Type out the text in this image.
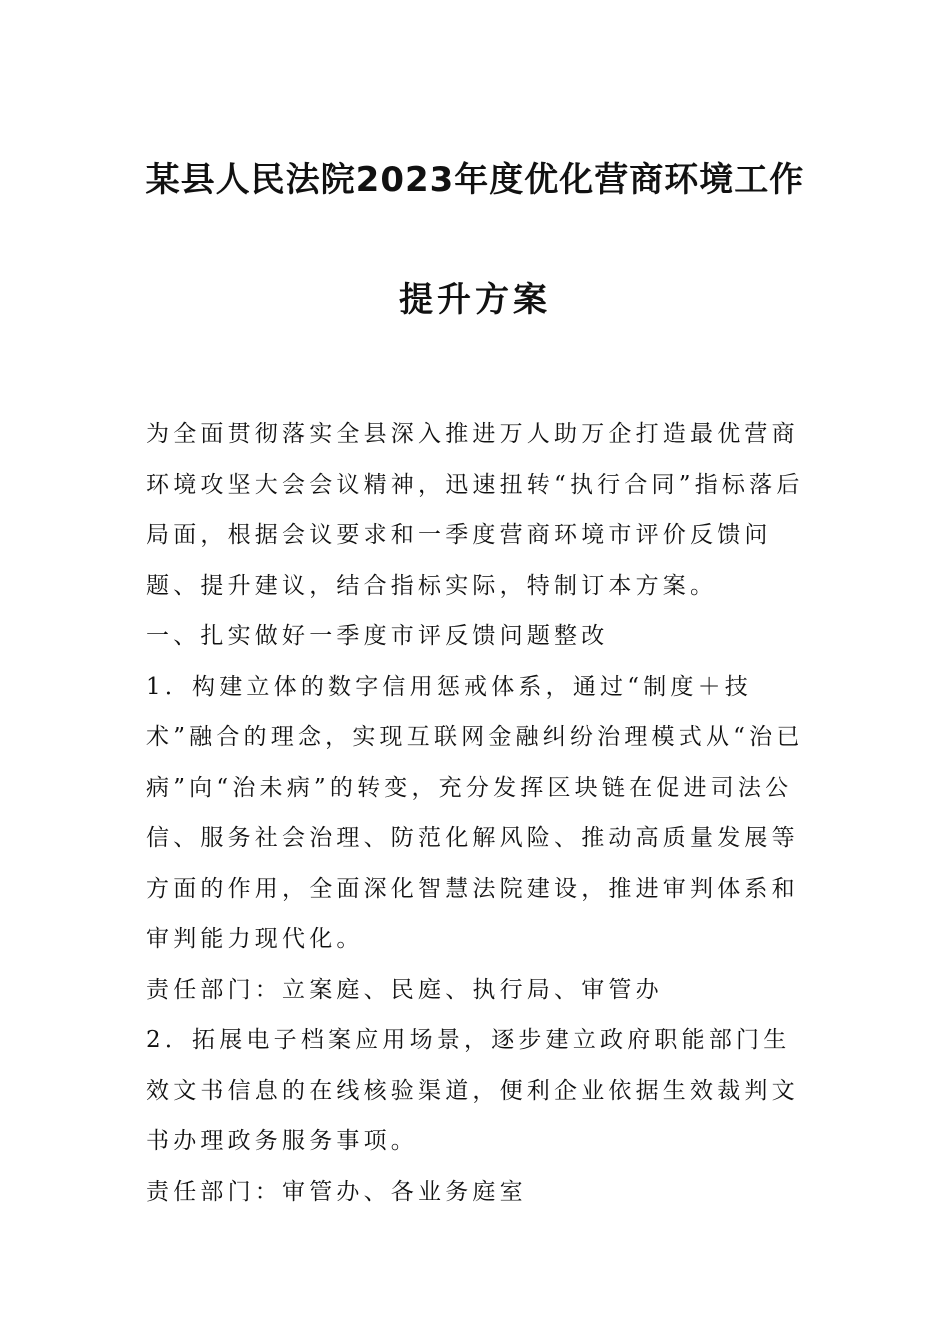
某县人民法院2023年度优化营商环境工作
提升方案

为全面贯彻落实全县深入推进万人助万企打造最优营商环境攻坚大会会议精神，迅速扭转“执行合同”指标落后局面，根据会议要求和一季度营商环境市评价反馈问题、提升建议，结合指标实际，特制订本方案。

一、扎实做好一季度市评反馈问题整改

1．构建立体的数字信用惩戒体系，通过“制度＋技术”融合的理念，实现互联网金融纠纷治理模式从“治已病”向“治未病”的转变，充分发挥区块链在促进司法公信、服务社会治理、防范化解风险、推动高质量发展等方面的作用，全面深化智慧法院建设，推进审判体系和审判能力现代化。

责任部门：立案庭、民庭、执行局、审管办

2．拓展电子档案应用场景，逐步建立政府职能部门生效文书信息的在线核验渠道，便利企业依据生效裁判文书办理政务服务事项。

责任部门：审管办、各业务庭室
